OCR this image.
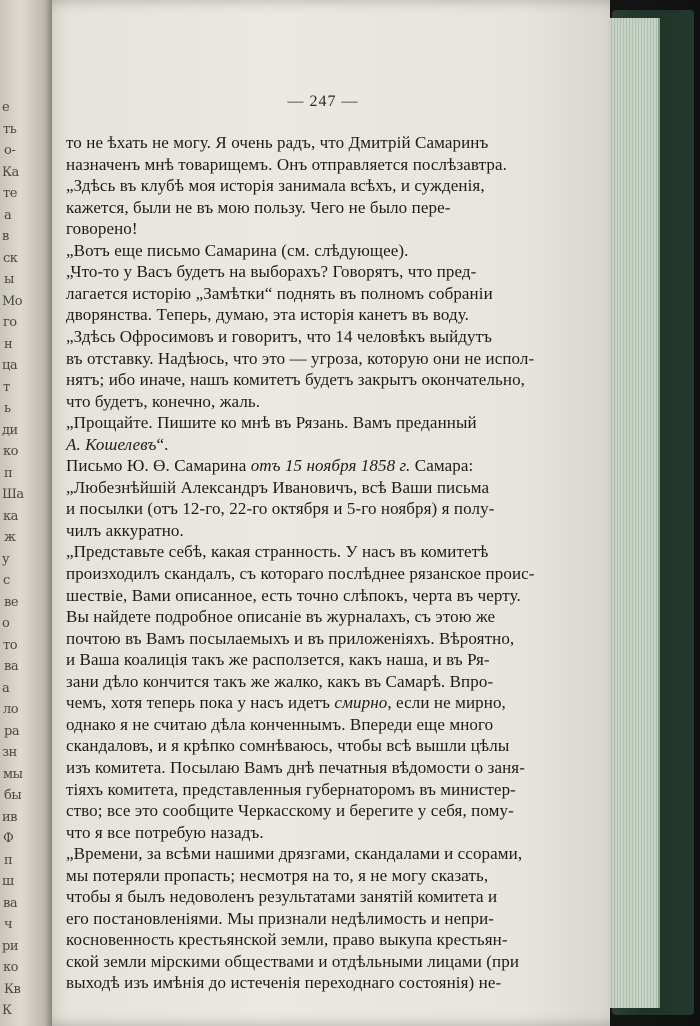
— 247 —
то не ѣхать не могу. Я очень радъ, что Дмитрій Самаринъ
назначенъ мнѣ товарищемъ. Онъ отправляется послѣзавтра.
„Здѣсь въ клубѣ моя исторія занимала всѣхъ, и сужденія,
кажется, были не въ мою пользу. Чего не было пере-
говорено!
„Вотъ еще письмо Самарина (см. слѣдующее).
„Что-то у Васъ будетъ на выборахъ? Говорятъ, что пред-
лагается исторію „Замѣтки“ поднять въ полномъ собраніи
дворянства. Теперь, думаю, эта исторія канетъ въ воду.
„Здѣсь Офросимовъ и говоритъ, что 14 человѣкъ выйдутъ
въ отставку. Надѣюсь, что это — угроза, которую они не испол-
нятъ; ибо иначе, нашъ комитетъ будетъ закрытъ окончательно,
что будетъ, конечно, жаль.
„Прощайте. Пишите ко мнѣ въ Рязань. Вамъ преданный
А. Кошелевъ“.
Письмо Ю. Ө. Самарина отъ 15 ноября 1858 г. Самара:
„Любезнѣйшій Александръ Ивановичъ, всѣ Ваши письма
и посылки (отъ 12-го, 22-го октября и 5-го ноября) я полу-
чилъ аккуратно.
„Представьте себѣ, какая странность. У насъ въ комитетѣ
произходилъ скандалъ, съ котораго послѣднее рязанское проис-
шествіе, Вами описанное, есть точно слѣпокъ, черта въ черту.
Вы найдете подробное описаніе въ журналахъ, съ этою же
почтою въ Вамъ посылаемыхъ и въ приложеніяхъ. Вѣроятно,
и Ваша коалиція такъ же расползется, какъ наша, и въ Ря-
зани дѣло кончится такъ же жалко, какъ въ Самарѣ. Впро-
чемъ, хотя теперь пока у насъ идетъ смирно, если не мирно,
однако я не считаю дѣла конченнымъ. Впереди еще много
скандаловъ, и я крѣпко сомнѣваюсь, чтобы всѣ вышли цѣлы
изъ комитета. Посылаю Вамъ днѣ печатныя вѣдомости о заня-
тіяхъ комитета, представленныя губернаторомъ въ министер-
ство; все это сообщите Черкасскому и берегите у себя, пому-
что я все потребую назадъ.
„Времени, за всѣми нашими дрязгами, скандалами и ссорами,
мы потеряли пропасть; несмотря на то, я не могу сказать,
чтобы я былъ недоволенъ результатами занятій комитета и
его постановленіями. Мы признали недѣлимость и непри-
косновенность крестьянской земли, право выкупа крестьян-
ской земли мірскими обществами и отдѣльными лицами (при
выходѣ изъ имѣнія до истеченія переходнаго состоянія) не-
е
ть
о-
Ка
те
а
в
ск
ы
Мо
го
н
ца
т
ь
ди
ко
п
Ша
ка
ж
у
с
ве
о
то
ва
а
ло
ра
зн
мы
бы
ив
Ф
п
ш
ва
ч
ри
ко
Кв
К
